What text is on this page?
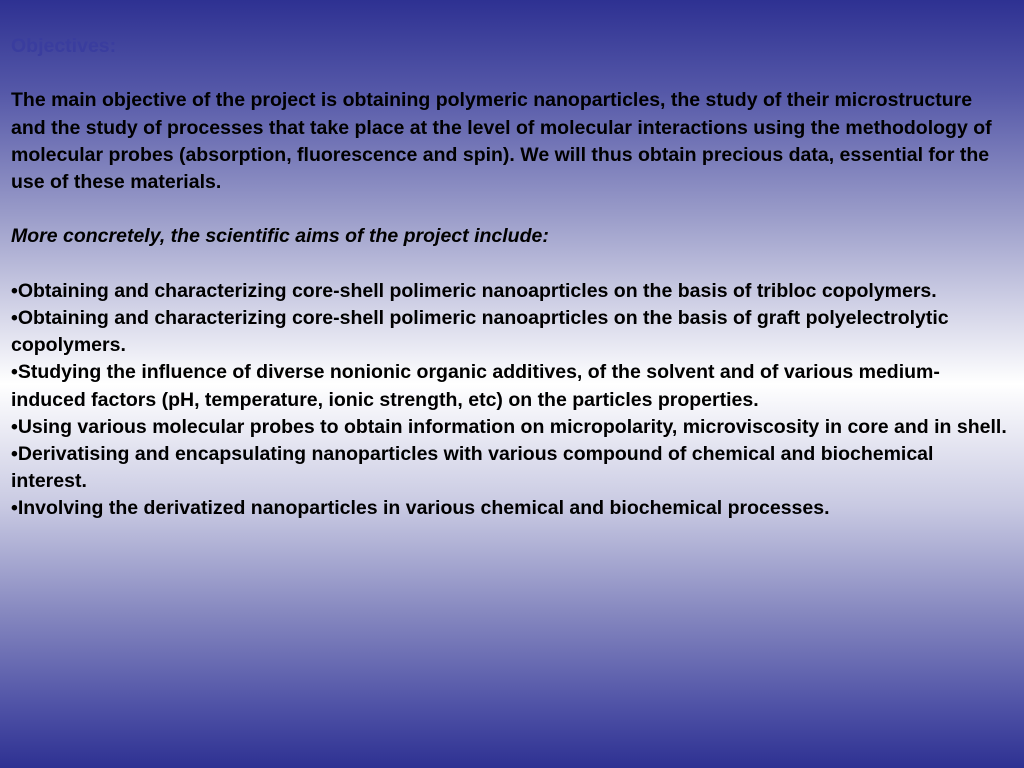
Objectives:

The main objective of the project is obtaining polymeric nanoparticles, the study of their microstructure and the study of processes that take place at the level of molecular interactions using the methodology of molecular probes (absorption, fluorescence and spin). We will thus obtain precious data, essential for the use of these materials.

More concretely, the scientific aims of the project include:

•Obtaining and characterizing core-shell polimeric nanoaprticles on the basis of tribloc copolymers.

•Obtaining and characterizing core-shell polimeric nanoaprticles on the basis of graft polyelectrolytic copolymers.

•Studying the influence of diverse nonionic organic additives, of the solvent and of various medium-induced factors (pH, temperature, ionic strength, etc) on the particles properties.

•Using various molecular probes to obtain information on micropolarity, microviscosity in core and in shell.

•Derivatising and encapsulating nanoparticles with various compound of chemical and biochemical interest.

•Involving the derivatized nanoparticles in various chemical and biochemical processes.
